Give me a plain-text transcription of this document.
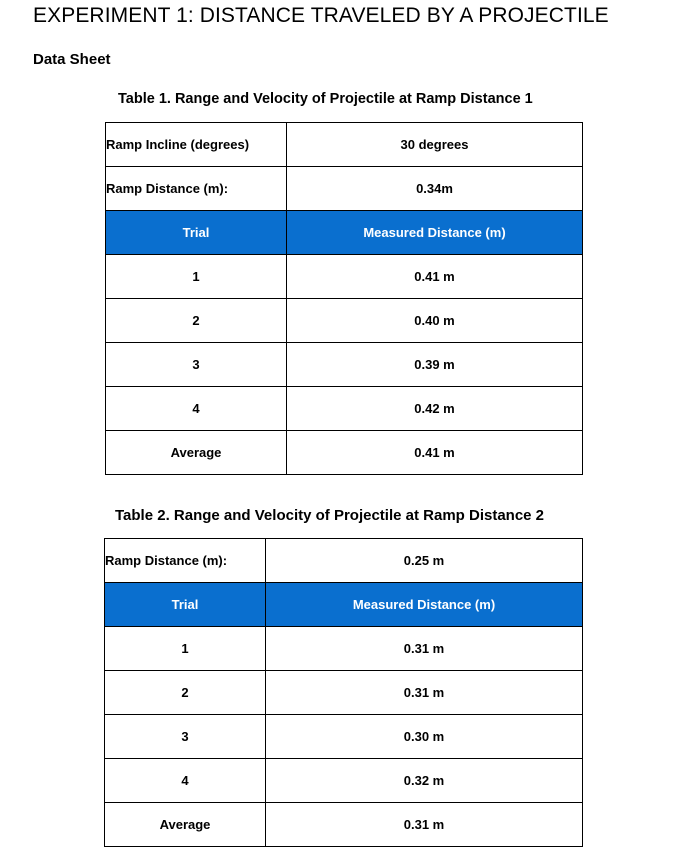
EXPERIMENT 1: DISTANCE TRAVELED BY A PROJECTILE
Data Sheet
Table 1. Range and Velocity of Projectile at Ramp Distance 1
Ramp Incline (degrees)	30 degrees
Ramp Distance (m):	0.34m
Trial	Measured Distance (m)
1	0.41 m
2	0.40 m
3	0.39 m
4	0.42 m
Average	0.41 m
Table 2. Range and Velocity of Projectile at Ramp Distance 2
Ramp Distance (m):	0.25 m
Trial	Measured Distance (m)
1	0.31 m
2	0.31 m
3	0.30 m
4	0.32 m
Average	0.31 m
